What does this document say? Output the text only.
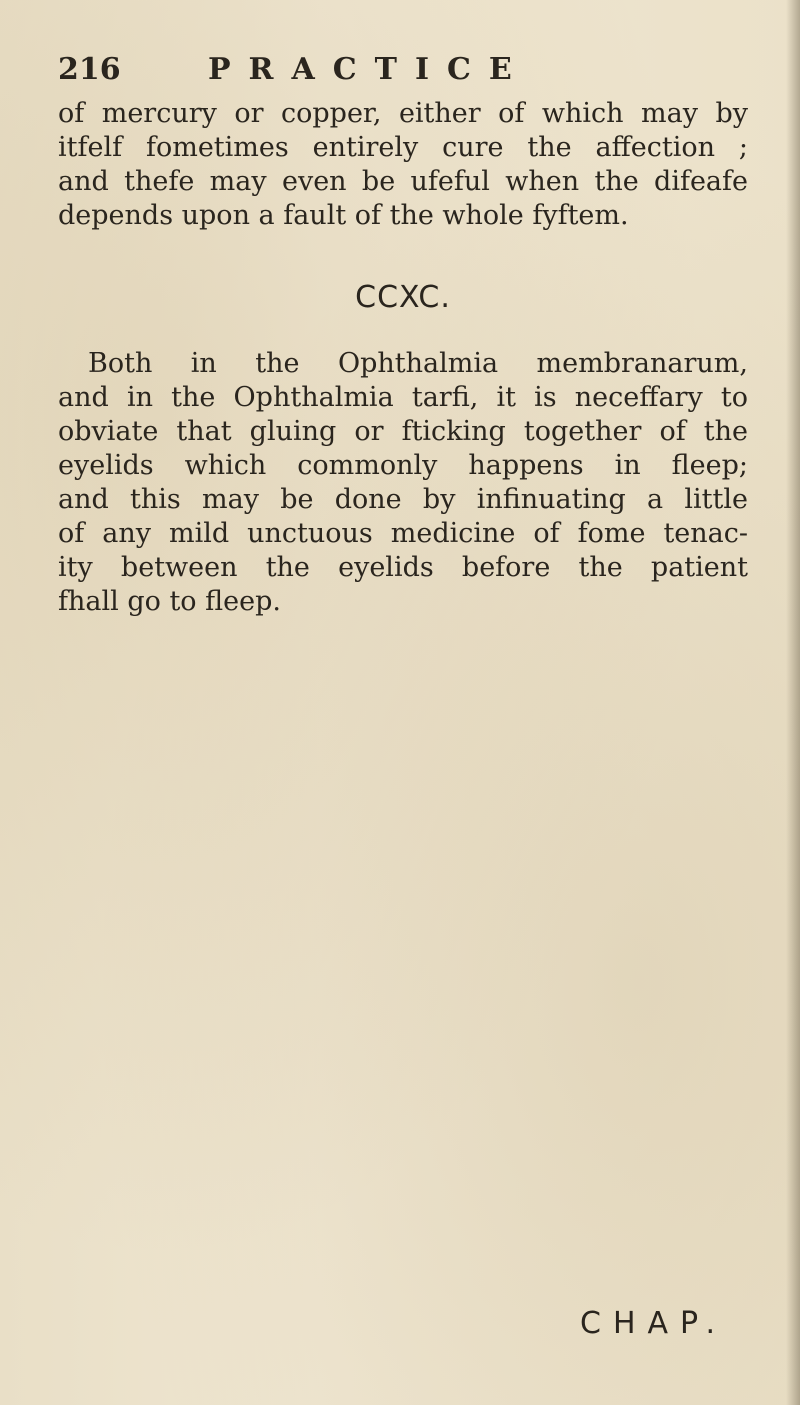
216	PRACTICE
of mercury or copper, either of which may by
itfelf fometimes entirely cure the affection ;
and thefe may even be ufeful when the difeafe
depends upon a fault of the whole fyftem.
CCXC.
Both in the Ophthalmia membranarum,
and in the Ophthalmia tarfi, it is neceffary to
obviate that gluing or fticking together of the
eyelids which commonly happens in fleep;
and this may be done by infinuating a little
of any mild unctuous medicine of fome tenac-
ity between the eyelids before the patient
fhall go to fleep.
CHAP.
